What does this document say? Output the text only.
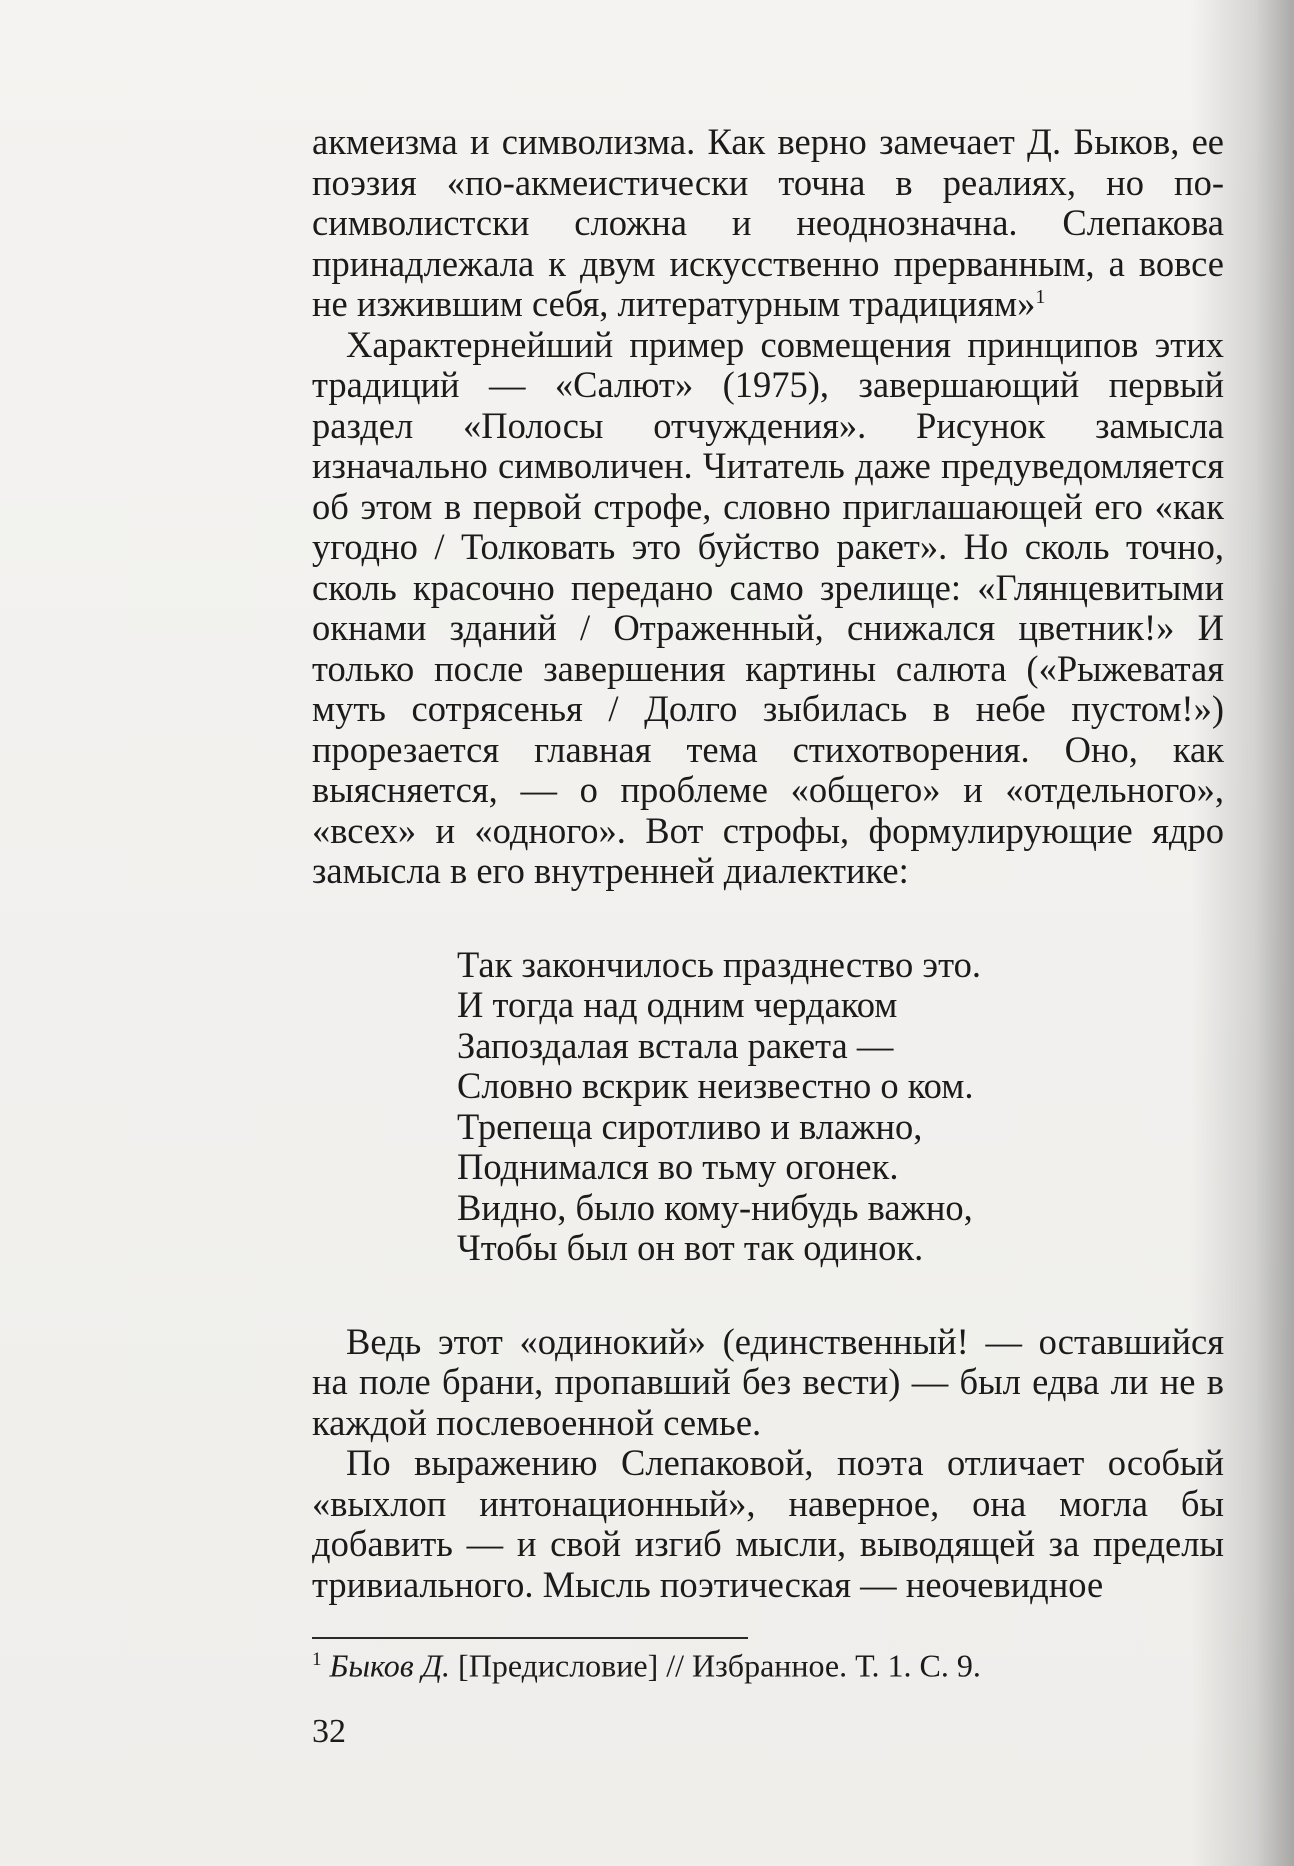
акмеизма и символизма. Как верно замечает Д. Быков, ее поэзия «по-акмеистически точна в реалиях, но по-символистски сложна и неоднозначна. Слепакова принадлежала к двум искусственно прерванным, а вовсе не изжившим себя, литературным традициям»$^1$

Характернейший пример совмещения принципов этих традиций — «Салют» (1975), завершающий первый раздел «Полосы отчуждения». Рисунок замысла изначально символичен. Читатель даже предуведомляется об этом в первой строфе, словно приглашающей его «как угодно / Толковать это буйство ракет». Но сколь точно, сколь красочно передано само зрелище: «Глянцевитыми окнами зданий / Отраженный, снижался цветник!» И только после завершения картины салюта («Рыжеватая муть сотрясенья / Долго зыбилась в небе пустом!») прорезается главная тема стихотворения. Оно, как выясняется, — о проблеме «общего» и «отдельного», «всех» и «одного». Вот строфы, формулирующие ядро замысла в его внутренней диалектике:

Так закончилось празднество это.
И тогда над одним чердаком
Запоздалая встала ракета —
Словно вскрик неизвестно о ком.
Трепеща сиротливо и влажно,
Поднимался во тьму огонек.
Видно, было кому-нибудь важно,
Чтобы был он вот так одинок.

Ведь этот «одинокий» (единственный! — оставшийся на поле брани, пропавший без вести) — был едва ли не в каждой послевоенной семье.

По выражению Слепаковой, поэта отличает особый «выхлоп интонационный», наверное, она могла бы добавить — и свой изгиб мысли, выводящей за пределы тривиального. Мысль поэтическая — неочевидное

$^1$ Быков Д. [Предисловие] // Избранное. Т. 1. С. 9.
32
